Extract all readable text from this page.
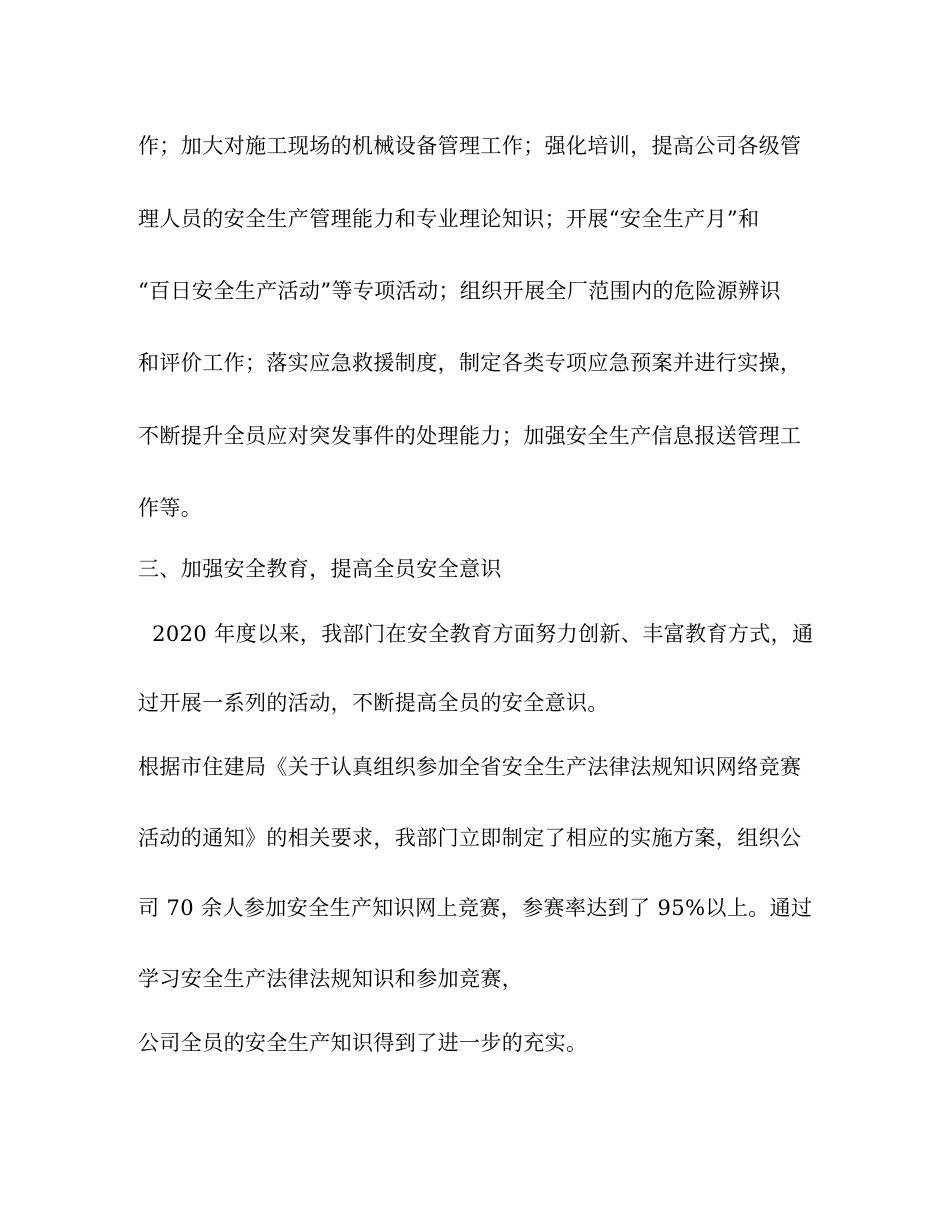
作；加大对施工现场的机械设备管理工作；强化培训，提高公司各级管
理人员的安全生产管理能力和专业理论知识；开展“安全生产月”和
“百日安全生产活动”等专项活动；组织开展全厂范围内的危险源辨识
和评价工作；落实应急救援制度，制定各类专项应急预案并进行实操，
不断提升全员应对突发事件的处理能力；加强安全生产信息报送管理工
作等。
三、加强安全教育，提高全员安全意识
2020 年度以来，我部门在安全教育方面努力创新、丰富教育方式，通
过开展一系列的活动，不断提高全员的安全意识。
根据市住建局《关于认真组织参加全省安全生产法律法规知识网络竞赛
活动的通知》的相关要求，我部门立即制定了相应的实施方案，组织公
司 70 余人参加安全生产知识网上竞赛，参赛率达到了 95%以上。通过
学习安全生产法律法规知识和参加竞赛，
公司全员的安全生产知识得到了进一步的充实。
